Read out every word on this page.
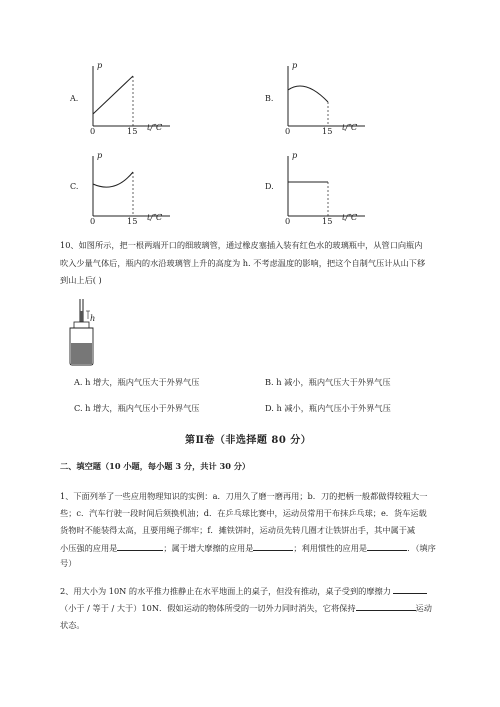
A.
p
0	15 t/℃
B.
p
0	15 t/℃
C.
p
0	15 t/℃
D.
p
0	15 t/℃
10、如图所示，把一根两端开口的细玻璃管，通过橡皮塞插入装有红色水的玻璃瓶中，从管口向瓶内
吹入少量气体后，瓶内的水沿玻璃管上升的高度为 h. 不考虑温度的影响，把这个自制气压计从山下移
到山上后( )
h
A. h 增大，瓶内气压大于外界气压	B. h 减小，瓶内气压大于外界气压
C. h 增大，瓶内气压小于外界气压	D. h 减小，瓶内气压小于外界气压
第Ⅱ卷（非选择题 80 分）
二、填空题（10 小题，每小题 3 分，共计 30 分）
1、下面列举了一些应用物理知识的实例：a．刀用久了磨一磨再用；b．刀的把柄一般都做得较粗大一
些；c．汽车行驶一段时间后须换机油；d．在乒乓球比赛中，运动员常用干布抹乒乓球；e．货车运载
货物时不能装得太高，且要用绳子绑牢；f．摊铁饼时，运动员先转几圈才让铁饼出手，其中属于减
小压强的应用是	；属于增大摩擦的应用是	；利用惯性的应用是	．（填序
号）
2、用大小为 10N 的水平推力推静止在水平地面上的桌子，但没有推动，桌子受到的摩擦力
（小于 / 等于 / 大于）10N．假如运动的物体所受的一切外力同时消失，它将保持	运动
状态。
